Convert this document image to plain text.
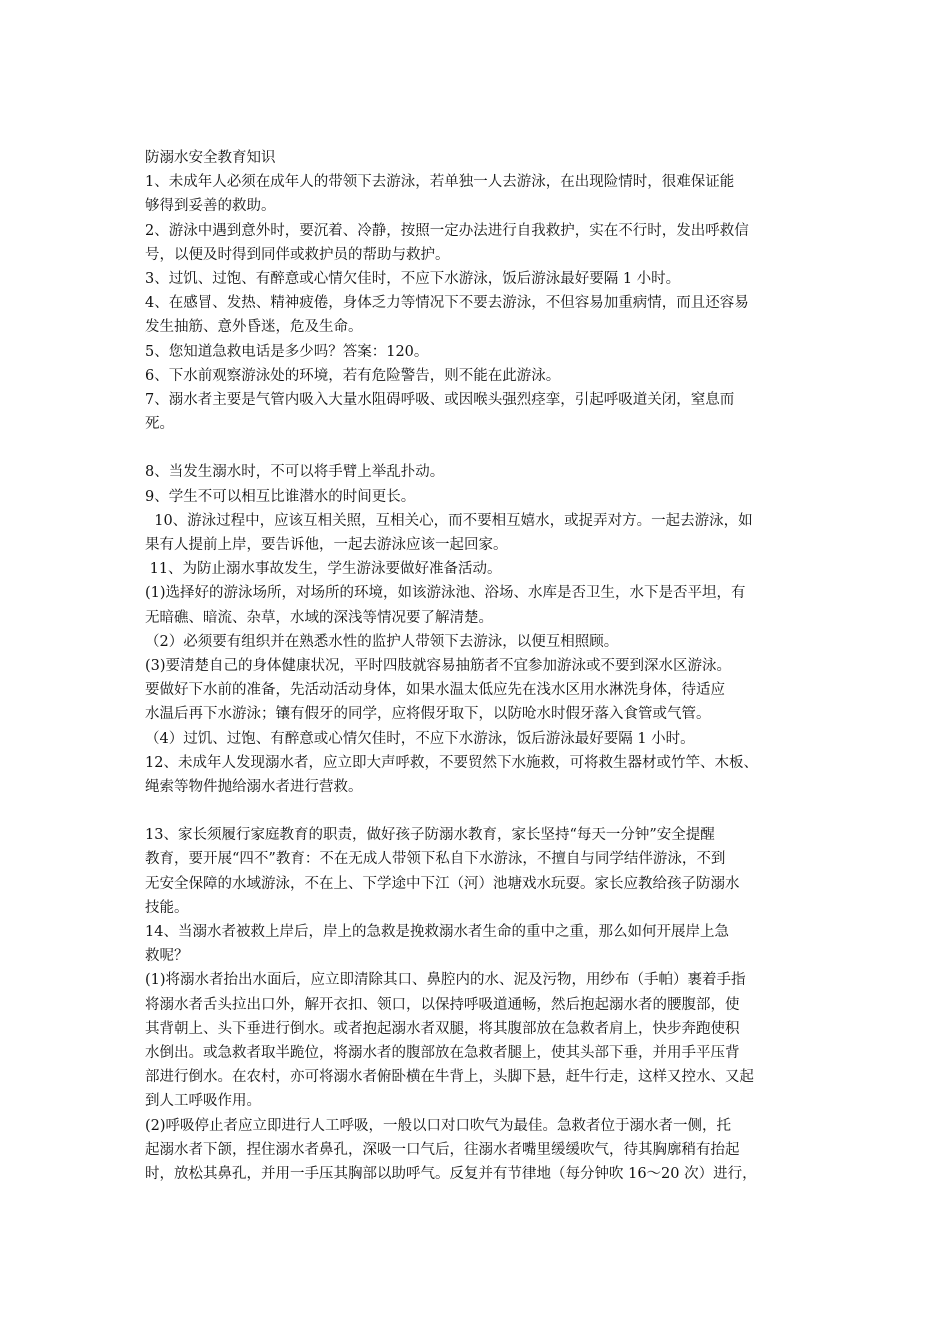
防溺水安全教育知识
1、未成年人必须在成年人的带领下去游泳，若单独一人去游泳，在出现险情时，很难保证能
够得到妥善的救助。
2、游泳中遇到意外时，要沉着、冷静，按照一定办法进行自我救护，实在不行时，发出呼救信
号，以便及时得到同伴或救护员的帮助与救护。
3、过饥、过饱、有醉意或心情欠佳时，不应下水游泳，饭后游泳最好要隔 1 小时。
4、在感冒、发热、精神疲倦，身体乏力等情况下不要去游泳，不但容易加重病情，而且还容易
发生抽筋、意外昏迷，危及生命。
5、您知道急救电话是多少吗？答案：120。
6、下水前观察游泳处的环境，若有危险警告，则不能在此游泳。
7、溺水者主要是气管内吸入大量水阻碍呼吸、或因喉头强烈痉挛，引起呼吸道关闭，窒息而
死。
8、当发生溺水时，不可以将手臂上举乱扑动。
9、学生不可以相互比谁潜水的时间更长。
10、游泳过程中，应该互相关照，互相关心，而不要相互嬉水，或捉弄对方。一起去游泳，如
果有人提前上岸，要告诉他，一起去游泳应该一起回家。
11、为防止溺水事故发生，学生游泳要做好准备活动。
(1)选择好的游泳场所，对场所的环境，如该游泳池、浴场、水库是否卫生，水下是否平坦，有
无暗礁、暗流、杂草，水域的深浅等情况要了解清楚。
（2）必须要有组织并在熟悉水性的监护人带领下去游泳，以便互相照顾。
(3)要清楚自己的身体健康状况，平时四肢就容易抽筋者不宜参加游泳或不要到深水区游泳。
要做好下水前的准备，先活动活动身体，如果水温太低应先在浅水区用水淋洗身体，待适应
水温后再下水游泳；镶有假牙的同学，应将假牙取下，以防呛水时假牙落入食管或气管。
（4）过饥、过饱、有醉意或心情欠佳时，不应下水游泳，饭后游泳最好要隔 1 小时。
12、未成年人发现溺水者，应立即大声呼救，不要贸然下水施救，可将救生器材或竹竿、木板、
绳索等物件抛给溺水者进行营救。
13、家长须履行家庭教育的职责，做好孩子防溺水教育，家长坚持“每天一分钟”安全提醒
教育，要开展“四不”教育：不在无成人带领下私自下水游泳，不擅自与同学结伴游泳，不到
无安全保障的水域游泳，不在上、下学途中下江（河）池塘戏水玩耍。家长应教给孩子防溺水
技能。
14、当溺水者被救上岸后，岸上的急救是挽救溺水者生命的重中之重，那么如何开展岸上急
救呢？
(1)将溺水者抬出水面后，应立即清除其口、鼻腔内的水、泥及污物，用纱布（手帕）裹着手指
将溺水者舌头拉出口外，解开衣扣、领口，以保持呼吸道通畅，然后抱起溺水者的腰腹部，使
其背朝上、头下垂进行倒水。或者抱起溺水者双腿，将其腹部放在急救者肩上，快步奔跑使积
水倒出。或急救者取半跪位，将溺水者的腹部放在急救者腿上，使其头部下垂，并用手平压背
部进行倒水。在农村，亦可将溺水者俯卧横在牛背上，头脚下悬，赶牛行走，这样又控水、又起
到人工呼吸作用。
(2)呼吸停止者应立即进行人工呼吸，一般以口对口吹气为最佳。急救者位于溺水者一侧，托
起溺水者下颌，捏住溺水者鼻孔，深吸一口气后，往溺水者嘴里缓缓吹气，待其胸廓稍有抬起
时，放松其鼻孔，并用一手压其胸部以助呼气。反复并有节律地（每分钟吹 16～20 次）进行，
